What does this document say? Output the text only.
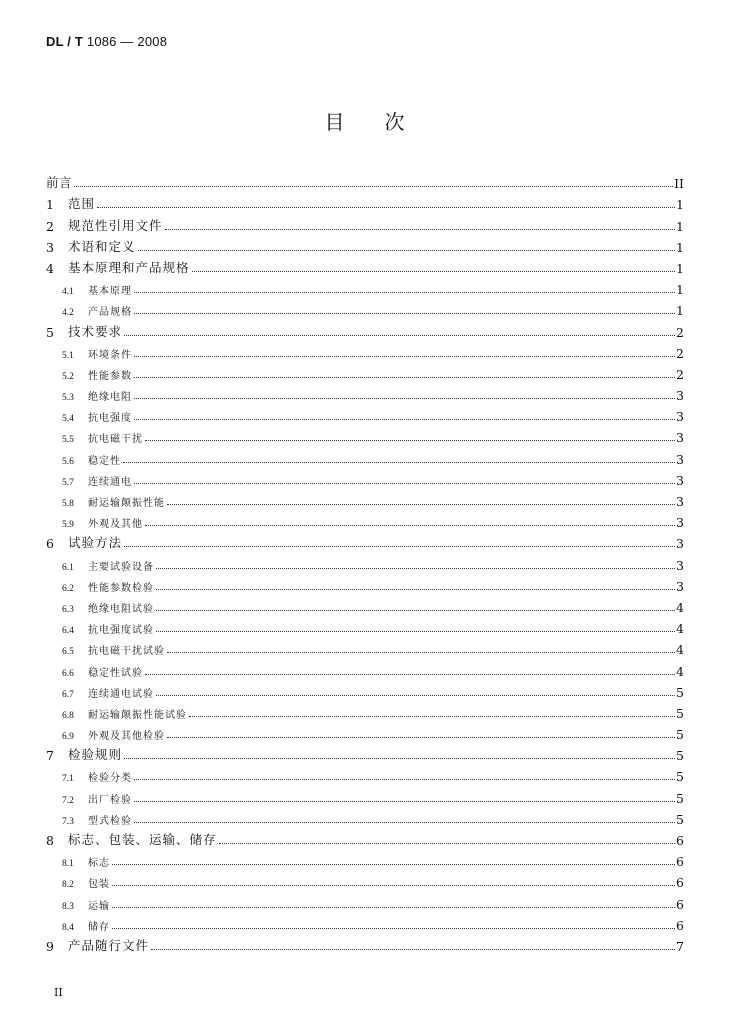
DL / T 1086 — 2008
目 次
前言	II
1	范围	1
2	规范性引用文件	1
3	术语和定义	1
4	基本原理和产品规格	1
4.1	基本原理	1
4.2	产品规格	1
5	技术要求	2
5.1	环境条件	2
5.2	性能参数	2
5.3	绝缘电阻	3
5.4	抗电强度	3
5.5	抗电磁干扰	3
5.6	稳定性	3
5.7	连续通电	3
5.8	耐运输颠振性能	3
5.9	外观及其他	3
6	试验方法	3
6.1	主要试验设备	3
6.2	性能参数检验	3
6.3	绝缘电阻试验	4
6.4	抗电强度试验	4
6.5	抗电磁干扰试验	4
6.6	稳定性试验	4
6.7	连续通电试验	5
6.8	耐运输颠振性能试验	5
6.9	外观及其他检验	5
7	检验规则	5
7.1	检验分类	5
7.2	出厂检验	5
7.3	型式检验	5
8	标志、包装、运输、储存	6
8.1	标志	6
8.2	包装	6
8.3	运输	6
8.4	储存	6
9	产品随行文件	7
II
